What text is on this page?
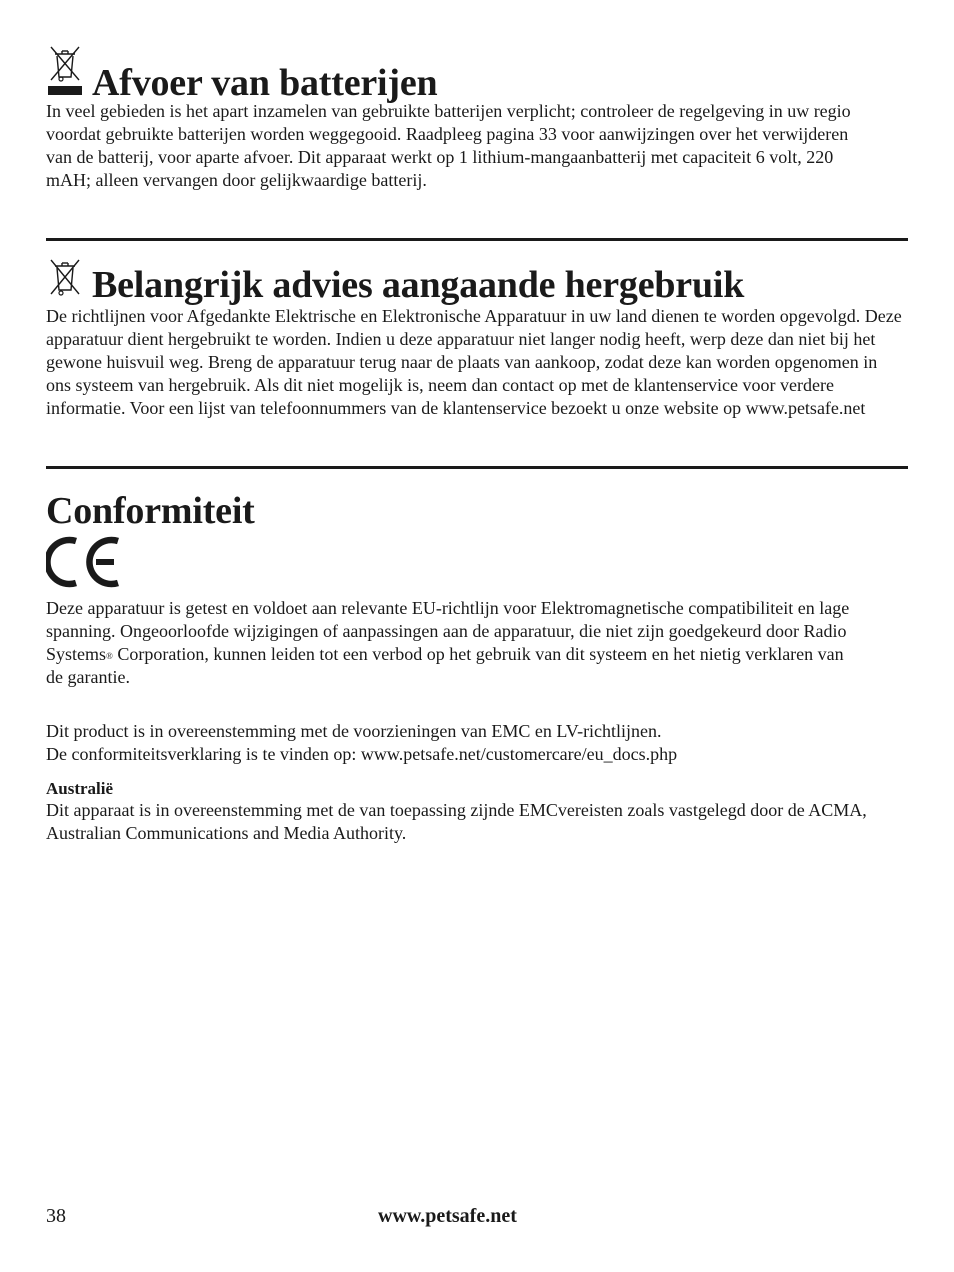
Afvoer van batterijen

In veel gebieden is het apart inzamelen van gebruikte batterijen verplicht; controleer de regelgeving in uw regio voordat gebruikte batterijen worden weggegooid. Raadpleeg pagina 33 voor aanwijzingen over het verwijderen van de batterij, voor aparte afvoer. Dit apparaat werkt op 1 lithium-mangaanbatterij met capaciteit 6 volt, 220 mAH; alleen vervangen door gelijkwaardige batterij.

Belangrijk advies aangaande hergebruik

De richtlijnen voor Afgedankte Elektrische en Elektronische Apparatuur in uw land dienen te worden opgevolgd. Deze apparatuur dient hergebruikt te worden. Indien u deze apparatuur niet langer nodig heeft, werp deze dan niet bij het gewone huisvuil weg. Breng de apparatuur terug naar de plaats van aankoop, zodat deze kan worden opgenomen in ons systeem van hergebruik. Als dit niet mogelijk is, neem dan contact op met de klantenservice voor verdere informatie. Voor een lijst van telefoonnummers van de klantenservice bezoekt u onze website op www.petsafe.net

Conformiteit

Deze apparatuur is getest en voldoet aan relevante EU-richtlijn voor Elektromagnetische compatibiliteit en lage spanning. Ongeoorloofde wijzigingen of aanpassingen aan de apparatuur, die niet zijn goedgekeurd door Radio Systems® Corporation, kunnen leiden tot een verbod op het gebruik van dit systeem en het nietig verklaren van de garantie.

Dit product is in overeenstemming met de voorzieningen van EMC en LV-richtlijnen.
De conformiteitsverklaring is te vinden op: www.petsafe.net/customercare/eu_docs.php

Australië

Dit apparaat is in overeenstemming met de van toepassing zijnde EMCvereisten zoals vastgelegd door de ACMA, Australian Communications and Media Authority.

38	www.petsafe.net
